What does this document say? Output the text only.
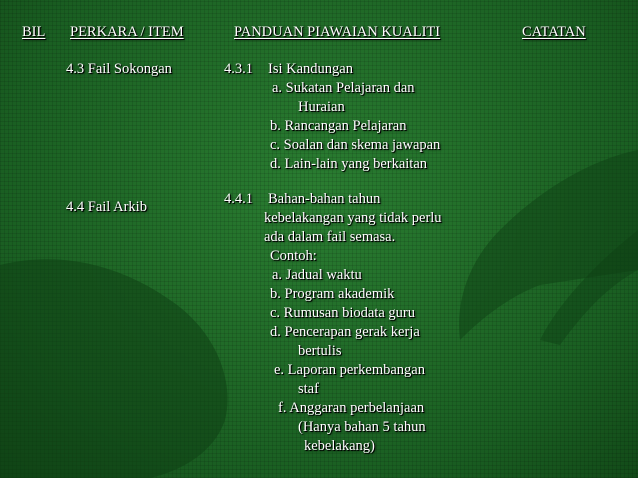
BIL PERKARA / ITEM	PANDUAN PIAWAIAN KUALITI	CATATAN
4.3 Fail Sokongan	4.3.1 Isi Kandungan
a. Sukatan Pelajaran dan
Huraian
b. Rancangan Pelajaran
c. Soalan dan skema jawapan
d. Lain-lain yang berkaitan
4.4 Fail Arkib	4.4.1 Bahan-bahan tahun
kebelakangan yang tidak perlu
ada dalam fail semasa.
Contoh:
a. Jadual waktu
b. Program akademik
c. Rumusan biodata guru
d. Pencerapan gerak kerja
bertulis
e. Laporan perkembangan
staf
f. Anggaran perbelanjaan
(Hanya bahan 5 tahun
kebelakang)
